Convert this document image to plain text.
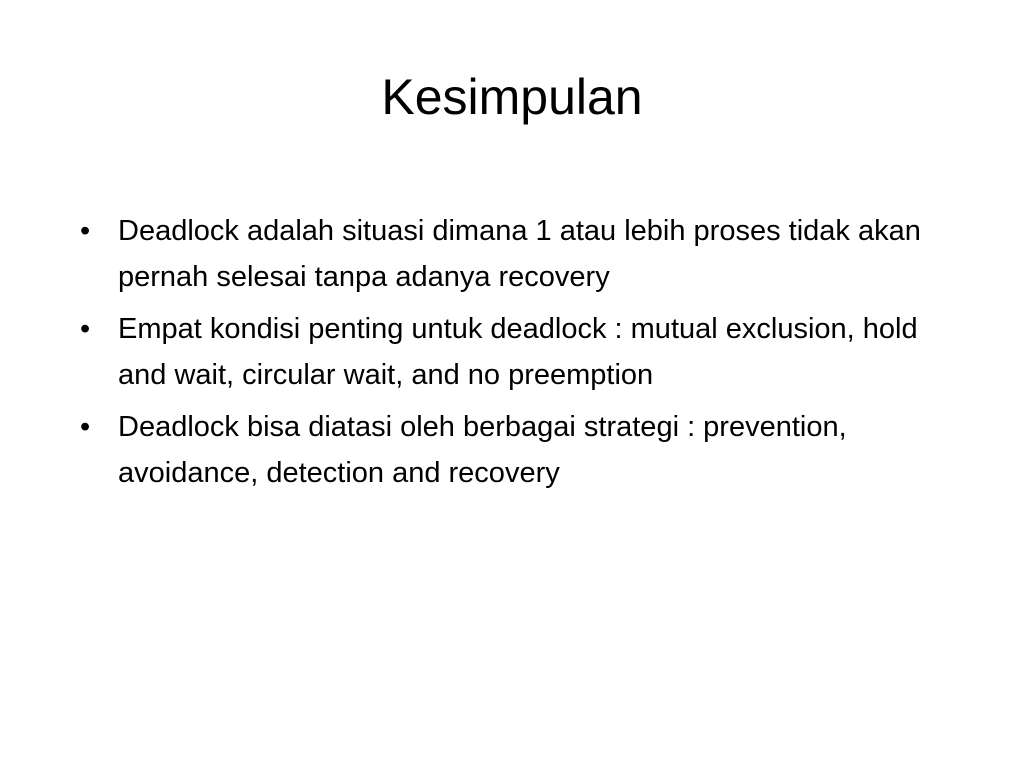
Kesimpulan
• Deadlock adalah situasi dimana 1 atau lebih proses tidak akan pernah selesai tanpa adanya recovery
• Empat kondisi penting untuk deadlock : mutual exclusion, hold and wait, circular wait, and no preemption
• Deadlock bisa diatasi oleh berbagai strategi : prevention, avoidance, detection and recovery
